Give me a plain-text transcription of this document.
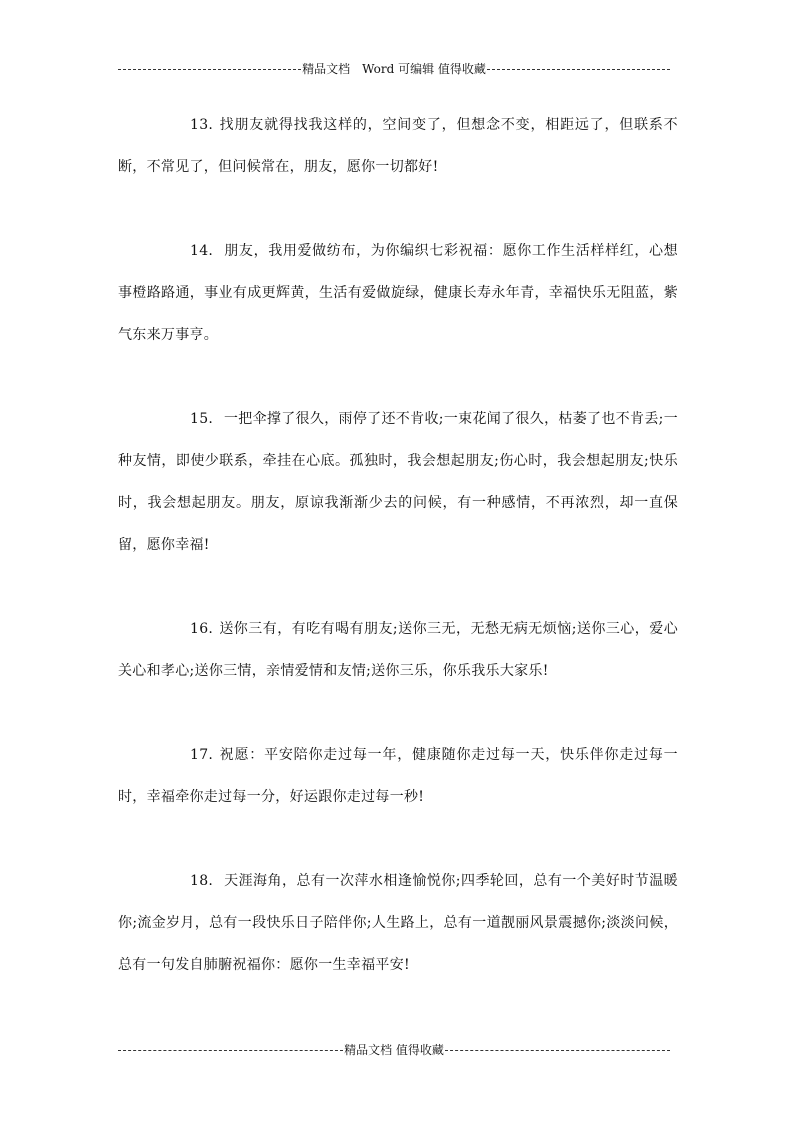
精品文档　Word 可编辑 值得收藏

13. 找朋友就得找我这样的，空间变了，但想念不变，相距远了，但联系不断，不常见了，但问候常在，朋友，愿你一切都好!

14. 朋友，我用爱做纺布，为你编织七彩祝福：愿你工作生活样样红，心想事橙路路通，事业有成更辉黄，生活有爱做旋绿，健康长寿永年青，幸福快乐无阻蓝，紫气东来万事亨。

15. 一把伞撑了很久，雨停了还不肯收;一束花闻了很久，枯萎了也不肯丢;一种友情，即使少联系，牵挂在心底。孤独时，我会想起朋友;伤心时，我会想起朋友;快乐时，我会想起朋友。朋友，原谅我渐渐少去的问候，有一种感情，不再浓烈，却一直保留，愿你幸福!

16. 送你三有，有吃有喝有朋友;送你三无，无愁无病无烦恼;送你三心，爱心关心和孝心;送你三情，亲情爱情和友情;送你三乐，你乐我乐大家乐!

17. 祝愿：平安陪你走过每一年，健康随你走过每一天，快乐伴你走过每一时，幸福牵你走过每一分，好运跟你走过每一秒!

18. 天涯海角，总有一次萍水相逢愉悦你;四季轮回，总有一个美好时节温暖你;流金岁月，总有一段快乐日子陪伴你;人生路上，总有一道靓丽风景震撼你;淡淡问候，总有一句发自肺腑祝福你：愿你一生幸福平安!

精品文档 值得收藏
